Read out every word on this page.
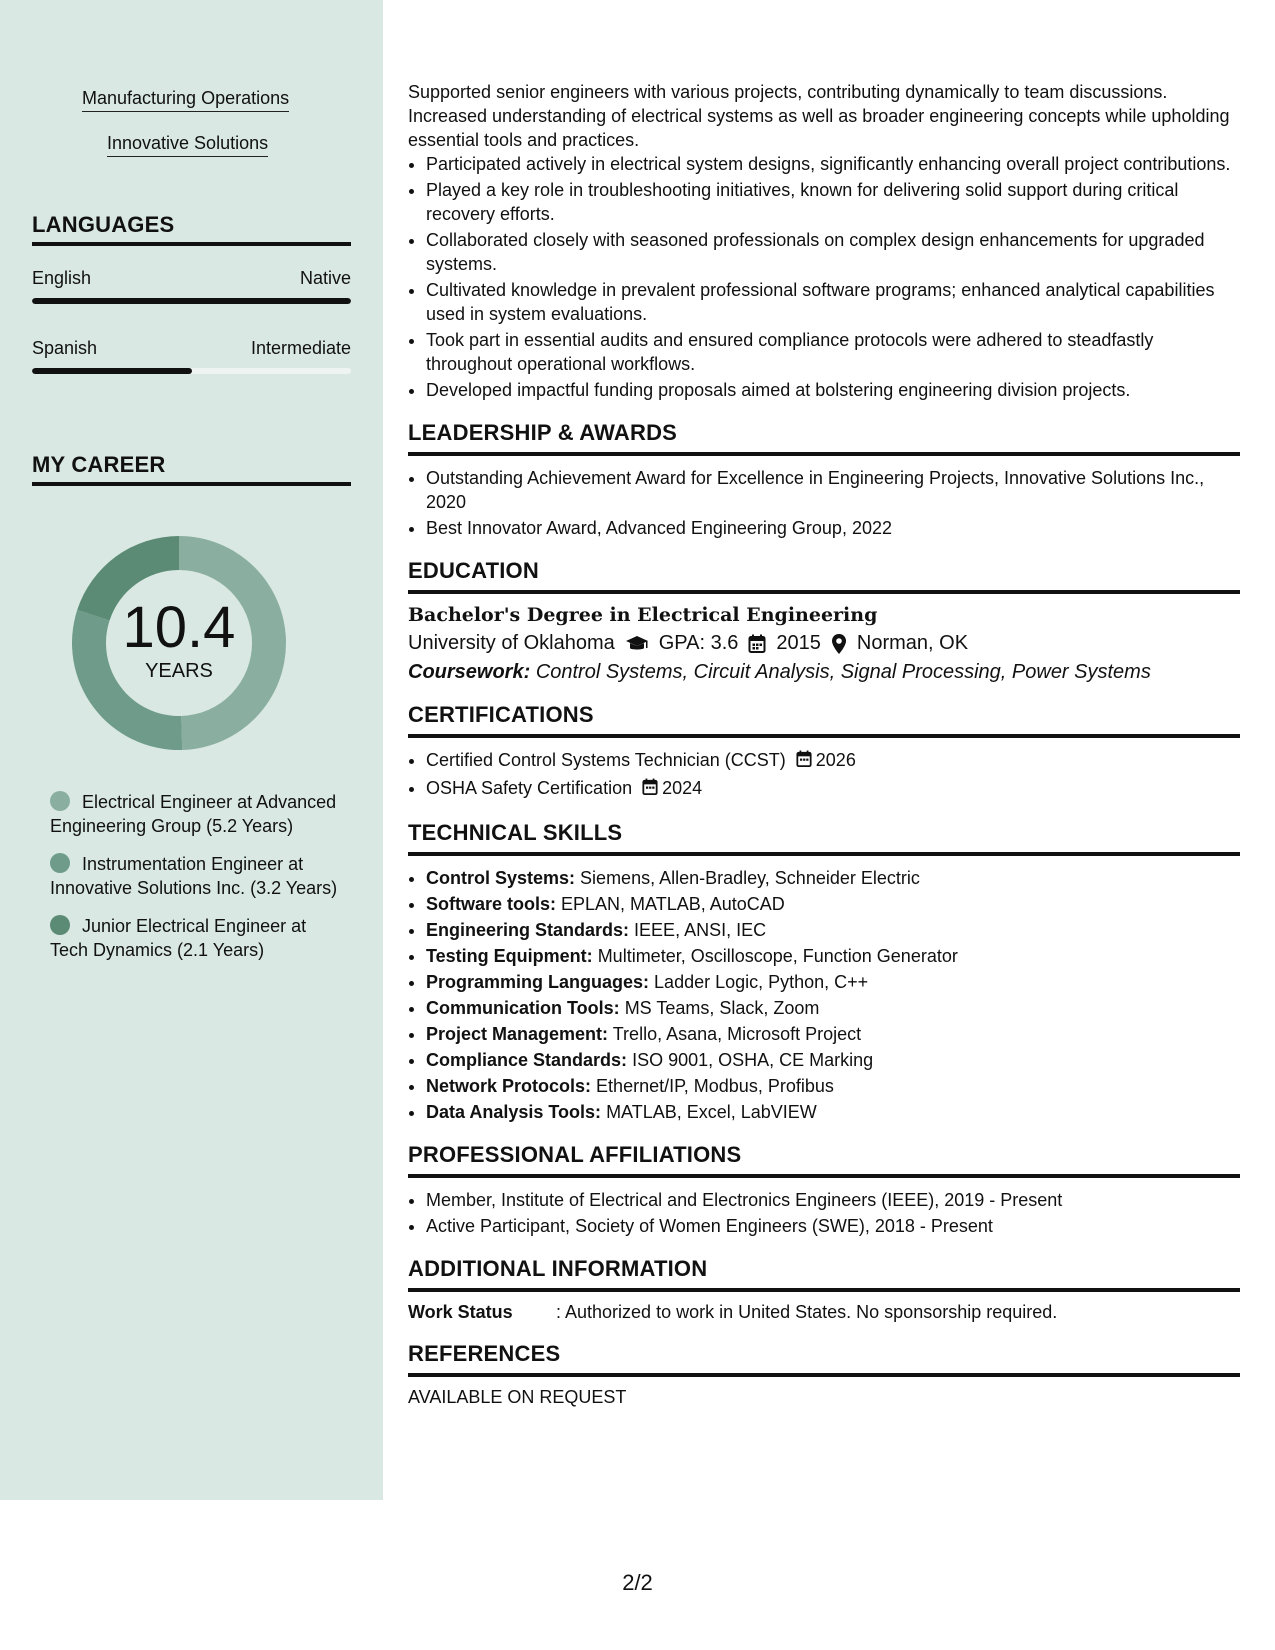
Manufacturing Operations
Innovative Solutions
LANGUAGES
English	Native
Spanish	Intermediate
MY CAREER
10.4
YEARS
Electrical Engineer at Advanced Engineering Group (5.2 Years)
Instrumentation Engineer at Innovative Solutions Inc. (3.2 Years)
Junior Electrical Engineer at Tech Dynamics (2.1 Years)

Supported senior engineers with various projects, contributing dynamically to team discussions. Increased understanding of electrical systems as well as broader engineering concepts while upholding essential tools and practices.

• Participated actively in electrical system designs, significantly enhancing overall project contributions.
• Played a key role in troubleshooting initiatives, known for delivering solid support during critical recovery efforts.
• Collaborated closely with seasoned professionals on complex design enhancements for upgraded systems.
• Cultivated knowledge in prevalent professional software programs; enhanced analytical capabilities used in system evaluations.
• Took part in essential audits and ensured compliance protocols were adhered to steadfastly throughout operational workflows.
• Developed impactful funding proposals aimed at bolstering engineering division projects.
LEADERSHIP & AWARDS
• Outstanding Achievement Award for Excellence in Engineering Projects, Innovative Solutions Inc., 2020
• Best Innovator Award, Advanced Engineering Group, 2022
EDUCATION
Bachelor's Degree in Electrical Engineering
University of Oklahoma GPA: 3.6 2015 Norman, OK
Coursework: Control Systems, Circuit Analysis, Signal Processing, Power Systems
CERTIFICATIONS
• Certified Control Systems Technician (CCST) 2026
• OSHA Safety Certification 2024
TECHNICAL SKILLS
• Control Systems: Siemens, Allen-Bradley, Schneider Electric
• Software tools: EPLAN, MATLAB, AutoCAD
• Engineering Standards: IEEE, ANSI, IEC
• Testing Equipment: Multimeter, Oscilloscope, Function Generator
• Programming Languages: Ladder Logic, Python, C++
• Communication Tools: MS Teams, Slack, Zoom
• Project Management: Trello, Asana, Microsoft Project
• Compliance Standards: ISO 9001, OSHA, CE Marking
• Network Protocols: Ethernet/IP, Modbus, Profibus
• Data Analysis Tools: MATLAB, Excel, LabVIEW
PROFESSIONAL AFFILIATIONS
• Member, Institute of Electrical and Electronics Engineers (IEEE), 2019 - Present
• Active Participant, Society of Women Engineers (SWE), 2018 - Present
ADDITIONAL INFORMATION
Work Status	: Authorized to work in United States. No sponsorship required.
REFERENCES
AVAILABLE ON REQUEST
2/2
